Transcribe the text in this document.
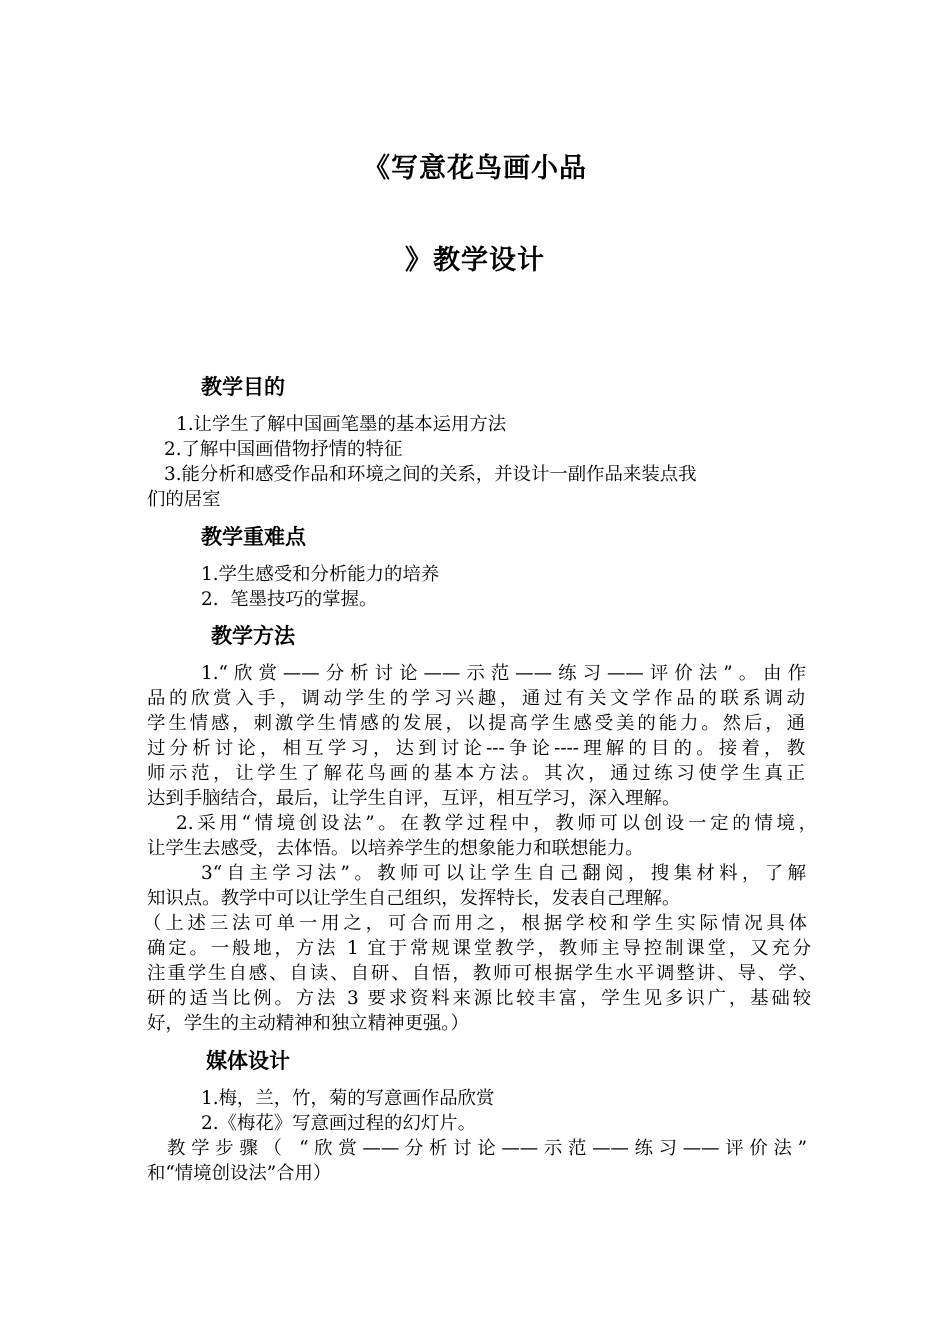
《写意花鸟画小品
》教学设计
教学目的
1.让学生了解中国画笔墨的基本运用方法
2.了解中国画借物抒情的特征
3.能分析和感受作品和环境之间的关系，并设计一副作品来装点我
们的居室
教学重难点
1.学生感受和分析能力的培养
2.  笔墨技巧的掌握。
教学方法
1.“欣赏——分析讨论——示范——练习——评价法”。由作
品的欣赏入手，调动学生的学习兴趣，通过有关文学作品的联系调动
学生情感，刺激学生情感的发展，以提高学生感受美的能力。然后，通
过分析讨论，相互学习，达到讨论---争论----理解的目的。接着，教
师示范，让学生了解花鸟画的基本方法。其次，通过练习使学生真正
达到手脑结合，最后，让学生自评，互评，相互学习，深入理解。
2.采用“情境创设法”。在教学过程中，教师可以创设一定的情境，
让学生去感受，去体悟。以培养学生的想象能力和联想能力。
3“自主学习法”。教师可以让学生自己翻阅，搜集材料，了解
知识点。教学中可以让学生自己组织，发挥特长，发表自己理解。
（上述三法可单一用之，可合而用之，根据学校和学生实际情况具体
确定。一般地，方法 1 宜于常规课堂教学，教师主导控制课堂，又充分
注重学生自感、自读、自研、自悟，教师可根据学生水平调整讲、导、学、
研的适当比例。方法 3 要求资料来源比较丰富，学生见多识广，基础较
好，学生的主动精神和独立精神更强。）
媒体设计
1.梅，兰，竹，菊的写意画作品欣赏
2.《梅花》写意画过程的幻灯片。
教学步骤（ “欣赏——分析讨论——示范——练习——评价法”
和“情境创设法”合用）
